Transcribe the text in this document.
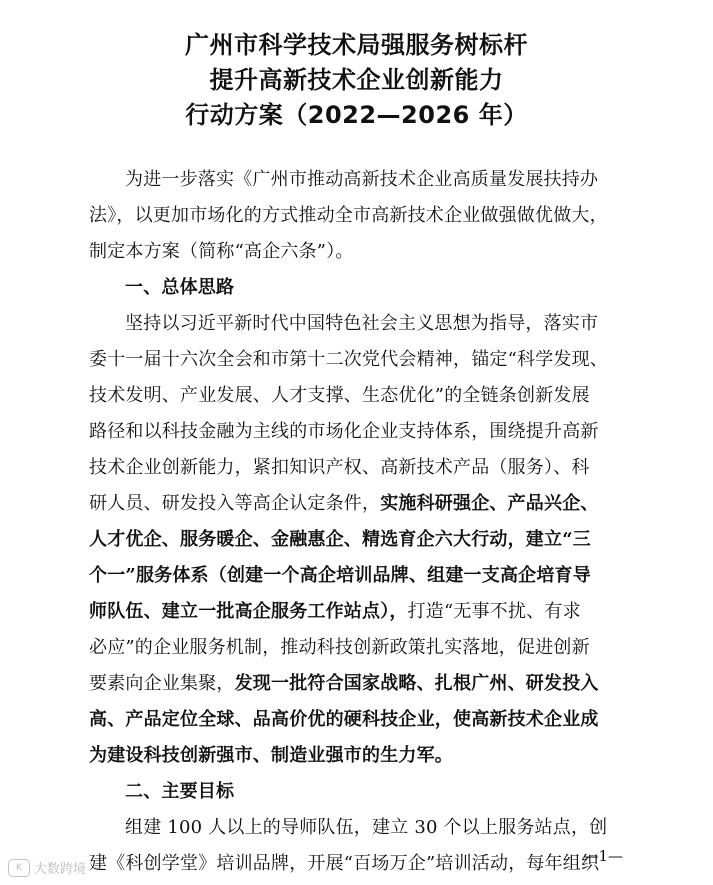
广州市科学技术局强服务树标杆
提升高新技术企业创新能力
行动方案（2022—2026 年）
为进一步落实《广州市推动高新技术企业高质量发展扶持办
法》，以更加市场化的方式推动全市高新技术企业做强做优做大，
制定本方案（简称“高企六条”）。
一、总体思路
坚持以习近平新时代中国特色社会主义思想为指导，落实市
委十一届十六次全会和市第十二次党代会精神，锚定“科学发现、
技术发明、产业发展、人才支撑、生态优化”的全链条创新发展
路径和以科技金融为主线的市场化企业支持体系，围绕提升高新
技术企业创新能力，紧扣知识产权、高新技术产品（服务）、科
研人员、研发投入等高企认定条件，实施科研强企、产品兴企、
人才优企、服务暖企、金融惠企、精选育企六大行动，建立“三
个一”服务体系（创建一个高企培训品牌、组建一支高企培育导
师队伍、建立一批高企服务工作站点），打造“无事不扰、有求
必应”的企业服务机制，推动科技创新政策扎实落地，促进创新
要素向企业集聚，发现一批符合国家战略、扎根广州、研发投入
高、产品定位全球、品高价优的硬科技企业，使高新技术企业成
为建设科技创新强市、制造业强市的生力军。
二、主要目标
组建 100 人以上的导师队伍，建立 30 个以上服务站点，创
建《科创学堂》培训品牌，开展“百场万企”培训活动，每年组织
—1—
K 大数跨境
